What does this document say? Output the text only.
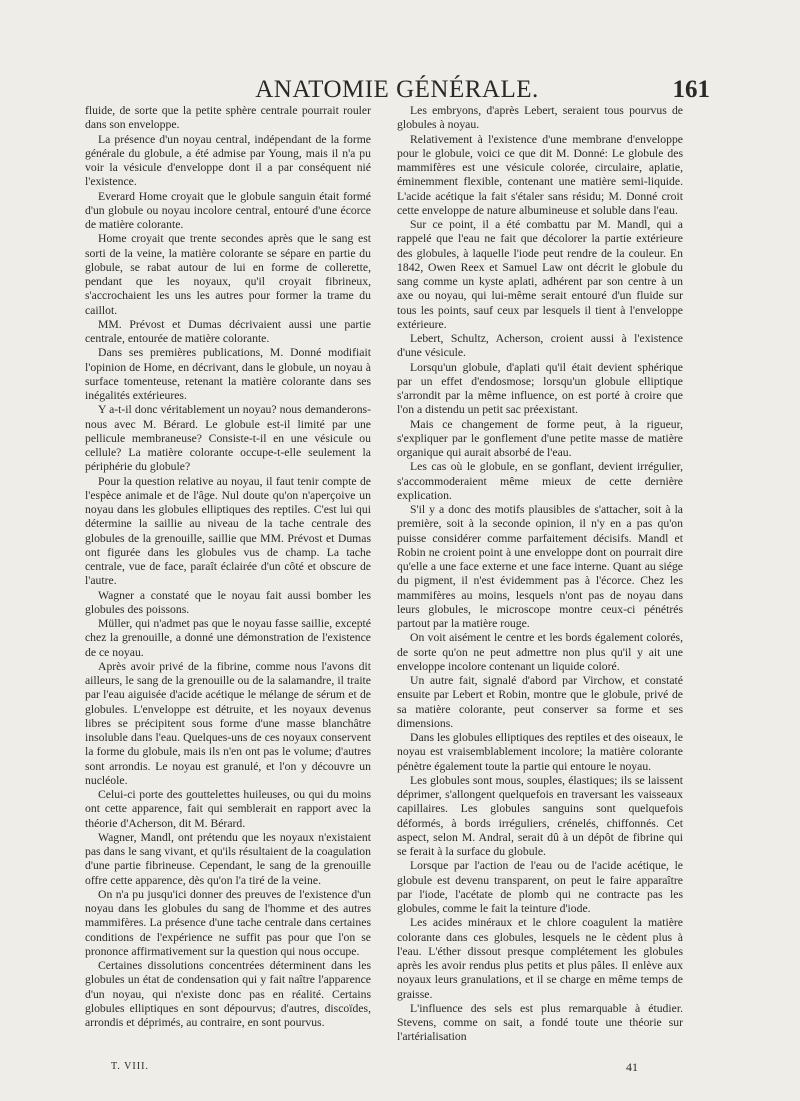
ANATOMIE GÉNÉRALE.	161

fluide, de sorte que la petite sphère centrale pourrait rouler dans son enveloppe.

La présence d'un noyau central, indépendant de la forme générale du globule, a été admise par Young, mais il n'a pu voir la vésicule d'enveloppe dont il a par conséquent nié l'existence.

Everard Home croyait que le globule sanguin était formé d'un globule ou noyau incolore central, entouré d'une écorce de matière colorante.

Home croyait que trente secondes après que le sang est sorti de la veine, la matière colorante se sépare en partie du globule, se rabat autour de lui en forme de collerette, pendant que les noyaux, qu'il croyait fibrineux, s'accrochaient les uns les autres pour former la trame du caillot.

MM. Prévost et Dumas décrivaient aussi une partie centrale, entourée de matière colorante.

Dans ses premières publications, M. Donné modifiait l'opinion de Home, en décrivant, dans le globule, un noyau à surface tomenteuse, retenant la matière colorante dans ses inégalités extérieures.

Y a-t-il donc véritablement un noyau? nous demanderons-nous avec M. Bérard. Le globule est-il limité par une pellicule membraneuse? Consiste-t-il en une vésicule ou cellule? La matière colorante occupe-t-elle seulement la périphérie du globule?

Pour la question relative au noyau, il faut tenir compte de l'espèce animale et de l'âge. Nul doute qu'on n'aperçoive un noyau dans les globules elliptiques des reptiles. C'est lui qui détermine la saillie au niveau de la tache centrale des globules de la grenouille, saillie que MM. Prévost et Dumas ont figurée dans les globules vus de champ. La tache centrale, vue de face, paraît éclairée d'un côté et obscure de l'autre.

Wagner a constaté que le noyau fait aussi bomber les globules des poissons.

Müller, qui n'admet pas que le noyau fasse saillie, excepté chez la grenouille, a donné une démonstration de l'existence de ce noyau.

Après avoir privé de la fibrine, comme nous l'avons dit ailleurs, le sang de la grenouille ou de la salamandre, il traite par l'eau aiguisée d'acide acétique le mélange de sérum et de globules. L'enveloppe est détruite, et les noyaux devenus libres se précipitent sous forme d'une masse blanchâtre insoluble dans l'eau. Quelques-uns de ces noyaux conservent la forme du globule, mais ils n'en ont pas le volume; d'autres sont arrondis. Le noyau est granulé, et l'on y découvre un nucléole.

Celui-ci porte des gouttelettes huileuses, ou qui du moins ont cette apparence, fait qui semblerait en rapport avec la théorie d'Acherson, dit M. Bérard.

Wagner, Mandl, ont prétendu que les noyaux n'existaient pas dans le sang vivant, et qu'ils résultaient de la coagulation d'une partie fibrineuse. Cependant, le sang de la grenouille offre cette apparence, dès qu'on l'a tiré de la veine.

On n'a pu jusqu'ici donner des preuves de l'existence d'un noyau dans les globules du sang de l'homme et des autres mammifères. La présence d'une tache centrale dans certaines conditions de l'expérience ne suffit pas pour que l'on se prononce affirmativement sur la question qui nous occupe.

Certaines dissolutions concentrées déterminent dans les globules un état de condensation qui y fait naître l'apparence d'un noyau, qui n'existe donc pas en réalité. Certains globules elliptiques en sont dépourvus; d'autres, discoïdes, arrondis et déprimés, au contraire, en sont pourvus.

Les embryons, d'après Lebert, seraient tous pourvus de globules à noyau.

Relativement à l'existence d'une membrane d'enveloppe pour le globule, voici ce que dit M. Donné: Le globule des mammifères est une vésicule colorée, circulaire, aplatie, éminemment flexible, contenant une matière semi-liquide. L'acide acétique la fait s'étaler sans résidu; M. Donné croit cette enveloppe de nature albumineuse et soluble dans l'eau.

Sur ce point, il a été combattu par M. Mandl, qui a rappelé que l'eau ne fait que décolorer la partie extérieure des globules, à laquelle l'iode peut rendre de la couleur. En 1842, Owen Reex et Samuel Law ont décrit le globule du sang comme un kyste aplati, adhérent par son centre à un axe ou noyau, qui lui-même serait entouré d'un fluide sur tous les points, sauf ceux par lesquels il tient à l'enveloppe extérieure.

Lebert, Schultz, Acherson, croient aussi à l'existence d'une vésicule.

Lorsqu'un globule, d'aplati qu'il était devient sphérique par un effet d'endosmose; lorsqu'un globule elliptique s'arrondit par la même influence, on est porté à croire que l'on a distendu un petit sac préexistant.

Mais ce changement de forme peut, à la rigueur, s'expliquer par le gonflement d'une petite masse de matière organique qui aurait absorbé de l'eau.

Les cas où le globule, en se gonflant, devient irrégulier, s'accommoderaient même mieux de cette dernière explication.

S'il y a donc des motifs plausibles de s'attacher, soit à la première, soit à la seconde opinion, il n'y en a pas qu'on puisse considérer comme parfaitement décisifs. Mandl et Robin ne croient point à une enveloppe dont on pourrait dire qu'elle a une face externe et une face interne. Quant au siége du pigment, il n'est évidemment pas à l'écorce. Chez les mammifères au moins, lesquels n'ont pas de noyau dans leurs globules, le microscope montre ceux-ci pénétrés partout par la matière rouge.

On voit aisément le centre et les bords également colorés, de sorte qu'on ne peut admettre non plus qu'il y ait une enveloppe incolore contenant un liquide coloré.

Un autre fait, signalé d'abord par Virchow, et constaté ensuite par Lebert et Robin, montre que le globule, privé de sa matière colorante, peut conserver sa forme et ses dimensions.

Dans les globules elliptiques des reptiles et des oiseaux, le noyau est vraisemblablement incolore; la matière colorante pénètre également toute la partie qui entoure le noyau.

Les globules sont mous, souples, élastiques; ils se laissent déprimer, s'allongent quelquefois en traversant les vaisseaux capillaires. Les globules sanguins sont quelquefois déformés, à bords irréguliers, crénelés, chiffonnés. Cet aspect, selon M. Andral, serait dû à un dépôt de fibrine qui se ferait à la surface du globule.

Lorsque par l'action de l'eau ou de l'acide acétique, le globule est devenu transparent, on peut le faire apparaître par l'iode, l'acétate de plomb qui ne contracte pas les globules, comme le fait la teinture d'iode.

Les acides minéraux et le chlore coagulent la matière colorante dans ces globules, lesquels ne le cèdent plus à l'eau. L'éther dissout presque complétement les globules après les avoir rendus plus petits et plus pâles. Il enlève aux noyaux leurs granulations, et il se charge en même temps de graisse.

L'influence des sels est plus remarquable à étudier. Stevens, comme on sait, a fondé toute une théorie sur l'artérialisation

T. VIII.	41
